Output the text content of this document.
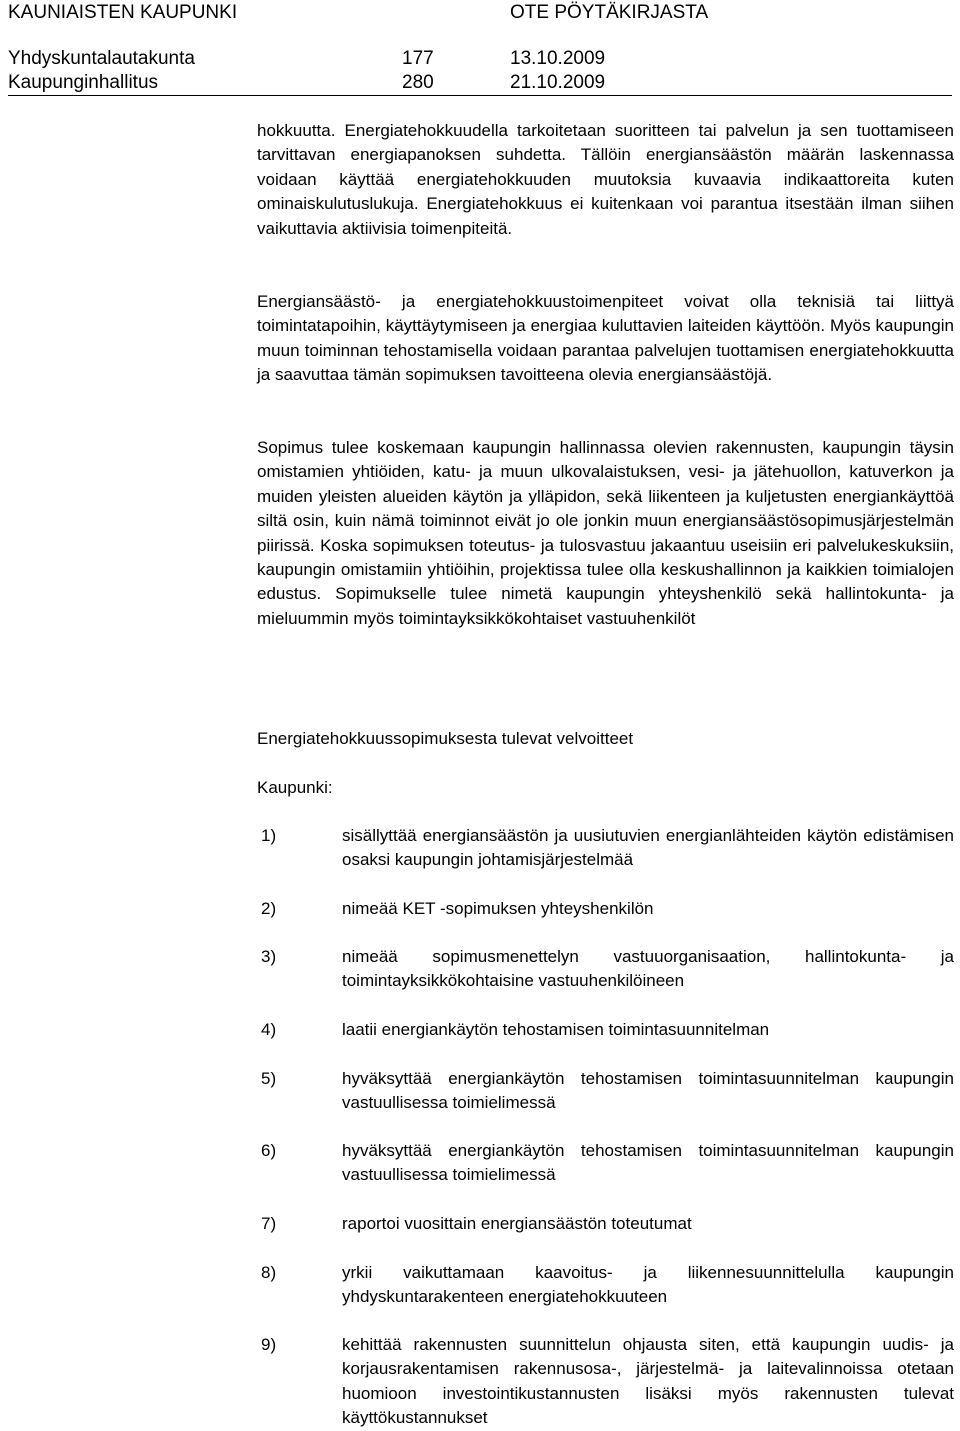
KAUNIAISTEN KAUPUNKI	OTE PÖYTÄKIRJASTA
Yhdyskuntalautakunta	177	13.10.2009
Kaupunginhallitus	280	21.10.2009
hokkuutta. Energiatehokkuudella tarkoitetaan suoritteen tai palvelun ja sen tuottamiseen tarvittavan energiapanoksen suhdetta. Tällöin energiansäästön määrän laskennassa voidaan käyttää energiatehokkuuden muutoksia kuvaavia indikaattoreita kuten ominaiskulutuslukuja. Energiatehokkuus ei kuitenkaan voi parantua itsestään ilman siihen vaikuttavia aktiivisia toimenpiteitä.
Energiansäästö- ja energiatehokkuustoimenpiteet voivat olla teknisiä tai liittyä toimintatapoihin, käyttäytymiseen ja energiaa kuluttavien laiteiden käyttöön. Myös kaupungin muun toiminnan tehostamisella voidaan parantaa palvelujen tuottamisen energiatehokkuutta ja saavuttaa tämän sopimuksen tavoitteena olevia energiansäästöjä.
Sopimus tulee koskemaan kaupungin hallinnassa olevien rakennusten, kaupungin täysin omistamien yhtiöiden, katu- ja muun ulkovalaistuksen, vesi- ja jätehuollon, katuverkon ja muiden yleisten alueiden käytön ja ylläpidon, sekä liikenteen ja kuljetusten energiankäyttöä siltä osin, kuin nämä toiminnot eivät jo ole jonkin muun energiansäästösopimusjärjestelmän piirissä. Koska sopimuksen toteutus- ja tulosvastuu jakaantuu useisiin eri palvelukeskuksiin, kaupungin omistamiin yhtiöihin, projektissa tulee olla keskushallinnon ja kaikkien toimialojen edustus. Sopimukselle tulee nimetä kaupungin yhteyshenkilö sekä hallintokunta- ja mieluummin myös toimintayksikkökohtaiset vastuuhenkilöt
Energiatehokkuussopimuksesta tulevat velvoitteet
Kaupunki:
1)	sisällyttää energiansäästön ja uusiutuvien energianlähteiden käytön edistämisen osaksi kaupungin johtamisjärjestelmää
2)	nimeää KET -sopimuksen yhteyshenkilön
3)	nimeää sopimusmenettelyn vastuuorganisaation, hallintokunta- ja toimintayksikkökohtaisine vastuuhenkilöineen
4)	laatii energiankäytön tehostamisen toimintasuunnitelman
5)	hyväksyttää energiankäytön tehostamisen toimintasuunnitelman kaupungin vastuullisessa toimielimessä
6)	hyväksyttää energiankäytön tehostamisen toimintasuunnitelman kaupungin vastuullisessa toimielimessä
7)	raportoi vuosittain energiansäästön toteutumat
8)	yrkii vaikuttamaan kaavoitus- ja liikennesuunnittelulla kaupungin yhdyskuntarakenteen energiatehokkuuteen
9)	kehittää rakennusten suunnittelun ohjausta siten, että kaupungin uudis- ja korjausrakentamisen rakennusosa-, järjestelmä- ja laitevalinnoissa otetaan huomioon investointikustannusten lisäksi myös rakennusten tulevat käyttökustannukset
